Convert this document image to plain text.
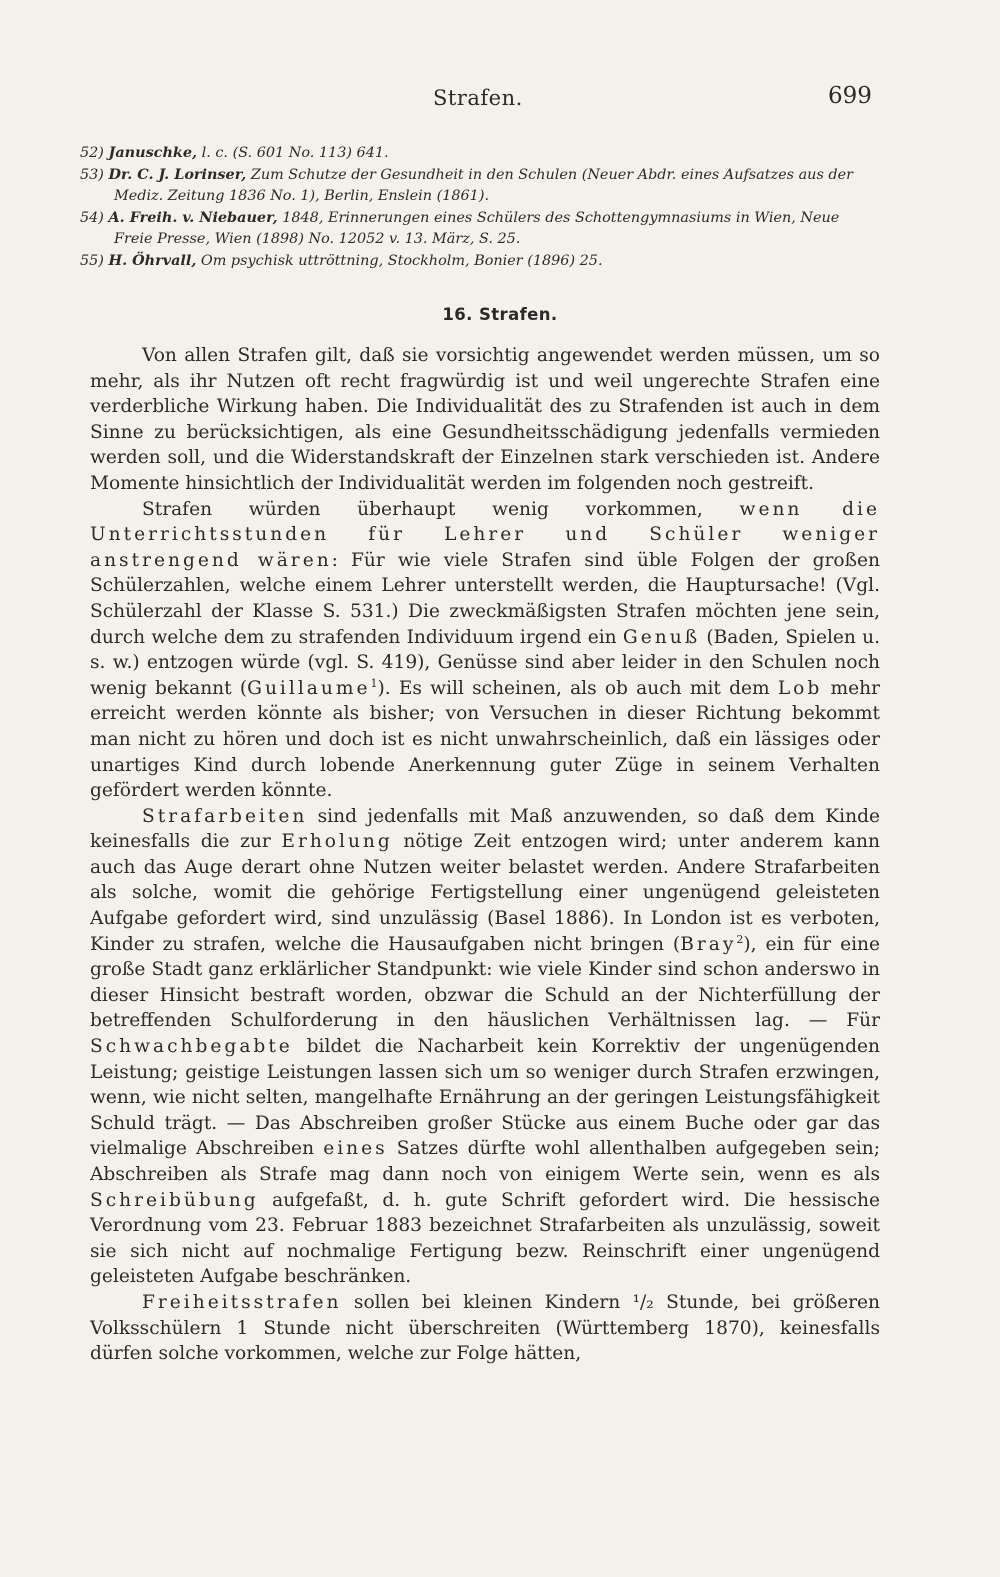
Strafen.	699

52) Januschke, l. c. (S. 601 No. 113) 641.

53) Dr. C. J. Lorinser, Zum Schutze der Gesundheit in den Schulen (Neuer Abdr. eines Aufsatzes aus der Mediz. Zeitung 1836 No. 1), Berlin, Enslein (1861).

54) A. Freih. v. Niebauer, 1848, Erinnerungen eines Schülers des Schottengymnasiums in Wien, Neue Freie Presse, Wien (1898) No. 12052 v. 13. März, S. 25.

55) H. Öhrvall, Om psychisk uttröttning, Stockholm, Bonier (1896) 25.

16. Strafen.

Von allen Strafen gilt, daß sie vorsichtig angewendet werden müssen, um so mehr, als ihr Nutzen oft recht fragwürdig ist und weil ungerechte Strafen eine verderbliche Wirkung haben. Die Individualität des zu Strafenden ist auch in dem Sinne zu berücksichtigen, als eine Gesundheitsschädigung jedenfalls vermieden werden soll, und die Widerstandskraft der Einzelnen stark verschieden ist. Andere Momente hinsichtlich der Individualität werden im folgenden noch gestreift.

Strafen würden überhaupt wenig vorkommen, wenn die Unterrichtsstunden für Lehrer und Schüler weniger anstrengend wären: Für wie viele Strafen sind üble Folgen der großen Schülerzahlen, welche einem Lehrer unterstellt werden, die Hauptursache! (Vgl. Schülerzahl der Klasse S. 531.) Die zweckmäßigsten Strafen möchten jene sein, durch welche dem zu strafenden Individuum irgend ein Genuß (Baden, Spielen u. s. w.) entzogen würde (vgl. S. 419), Genüsse sind aber leider in den Schulen noch wenig bekannt (Guillaume$^1$). Es will scheinen, als ob auch mit dem Lob mehr erreicht werden könnte als bisher; von Versuchen in dieser Richtung bekommt man nicht zu hören und doch ist es nicht unwahrscheinlich, daß ein lässiges oder unartiges Kind durch lobende Anerkennung guter Züge in seinem Verhalten gefördert werden könnte.

Strafarbeiten sind jedenfalls mit Maß anzuwenden, so daß dem Kinde keinesfalls die zur Erholung nötige Zeit entzogen wird; unter anderem kann auch das Auge derart ohne Nutzen weiter belastet werden. Andere Strafarbeiten als solche, womit die gehörige Fertigstellung einer ungenügend geleisteten Aufgabe gefordert wird, sind unzulässig (Basel 1886). In London ist es verboten, Kinder zu strafen, welche die Hausaufgaben nicht bringen (Bray$^2$), ein für eine große Stadt ganz erklärlicher Standpunkt: wie viele Kinder sind schon anderswo in dieser Hinsicht bestraft worden, obzwar die Schuld an der Nichterfüllung der betreffenden Schulforderung in den häuslichen Verhältnissen lag. — Für Schwachbegabte bildet die Nacharbeit kein Korrektiv der ungenügenden Leistung; geistige Leistungen lassen sich um so weniger durch Strafen erzwingen, wenn, wie nicht selten, mangelhafte Ernährung an der geringen Leistungsfähigkeit Schuld trägt. — Das Abschreiben großer Stücke aus einem Buche oder gar das vielmalige Abschreiben eines Satzes dürfte wohl allenthalben aufgegeben sein; Abschreiben als Strafe mag dann noch von einigem Werte sein, wenn es als Schreibübung aufgefaßt, d. h. gute Schrift gefordert wird. Die hessische Verordnung vom 23. Februar 1883 bezeichnet Strafarbeiten als unzulässig, soweit sie sich nicht auf nochmalige Fertigung bezw. Reinschrift einer ungenügend geleisteten Aufgabe beschränken.

Freiheitsstrafen sollen bei kleinen Kindern ¹/₂ Stunde, bei größeren Volksschülern 1 Stunde nicht überschreiten (Württemberg 1870), keinesfalls dürfen solche vorkommen, welche zur Folge hätten,
